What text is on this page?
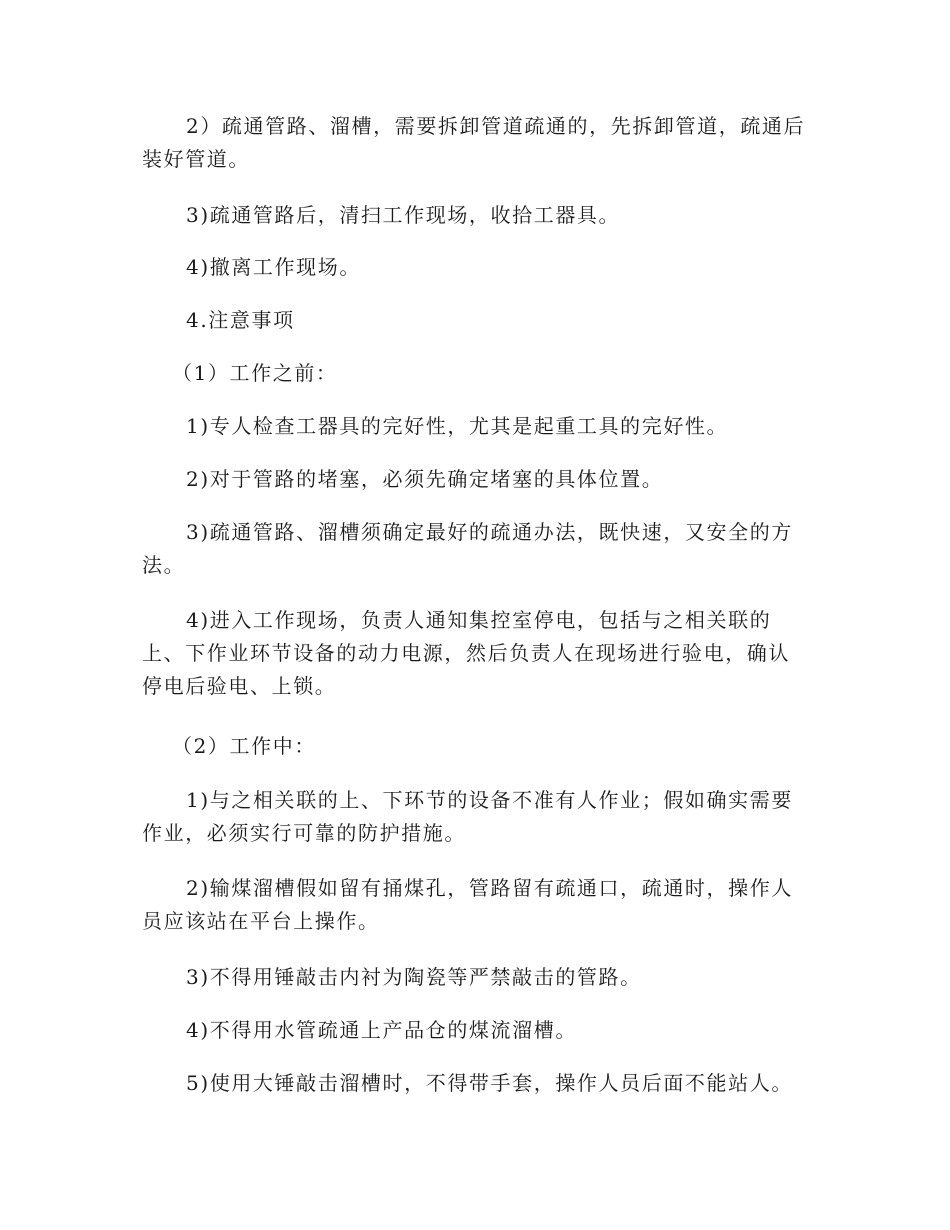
2）疏通管路、溜槽，需要拆卸管道疏通的，先拆卸管道，疏通后装好管道。

3)疏通管路后，清扫工作现场，收拾工器具。

4)撤离工作现场。

4.注意事项

（1）工作之前：

1)专人检查工器具的完好性，尤其是起重工具的完好性。

2)对于管路的堵塞，必须先确定堵塞的具体位置。

3)疏通管路、溜槽须确定最好的疏通办法，既快速，又安全的方法。

4)进入工作现场，负责人通知集控室停电，包括与之相关联的上、下作业环节设备的动力电源，然后负责人在现场进行验电，确认停电后验电、上锁。

（2）工作中：

1)与之相关联的上、下环节的设备不准有人作业；假如确实需要作业，必须实行可靠的防护措施。

2)输煤溜槽假如留有捅煤孔，管路留有疏通口，疏通时，操作人员应该站在平台上操作。

3)不得用锤敲击内衬为陶瓷等严禁敲击的管路。

4)不得用水管疏通上产品仓的煤流溜槽。

5)使用大锤敲击溜槽时，不得带手套，操作人员后面不能站人。
